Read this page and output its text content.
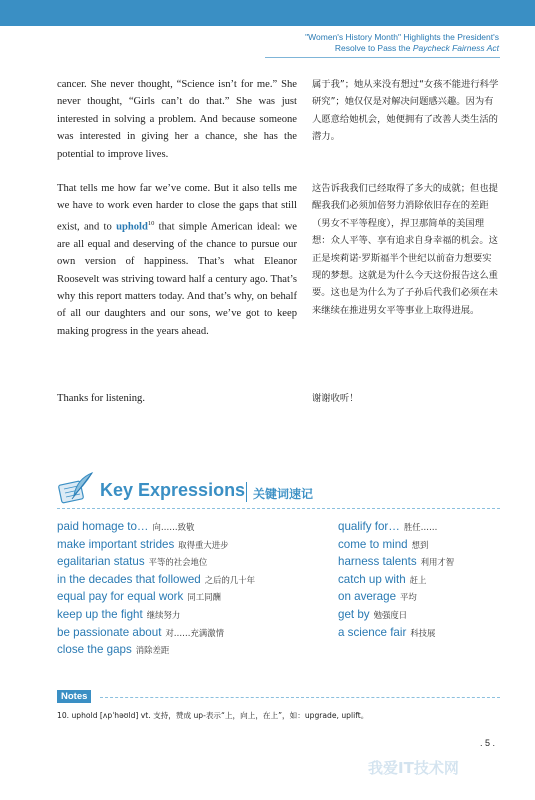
"Women's History Month" Highlights the President's
Resolve to Pass the Paycheck Fairness Act

cancer. She never thought, “Science isn’t for me.” She never thought, “Girls can’t do that.” She was just interested in solving a problem. And because someone was interested in giving her a chance, she has the potential to improve lives.

That tells me how far we’ve come. But it also tells me we have to work even harder to close the gaps that still exist, and to uphold$^{10}$ that simple American ideal: we are all equal and deserving of the chance to pursue our own version of happiness. That’s what Eleanor Roosevelt was striving toward half a century ago. That’s why this report matters today. And that’s why, on behalf of all our daughters and our sons, we’ve got to keep making progress in the years ahead.

Thanks for listening.

属于我”；她从来没有想过“女孩不能进行科学研究”；她仅仅是对解决问题感兴趣。因为有人愿意给她机会，她便拥有了改善人类生活的潜力。

这告诉我我们已经取得了多大的成就；但也提醒我我们必须加倍努力消除依旧存在的差距（男女不平等程度），捍卫那简单的美国理想：众人平等、享有追求自身幸福的机会。这正是埃莉诺·罗斯福半个世纪以前奋力想要实现的梦想。这就是为什么今天这份报告这么重要。这也是为什么为了子孙后代我们必须在未来继续在推进男女平等事业上取得进展。

谢谢收听！

Key Expressions 关键词速记
paid homage to… 向……致敬
make important strides 取得重大进步
egalitarian status 平等的社会地位
in the decades that followed 之后的几十年
equal pay for equal work 同工同酬
keep up the fight 继续努力
be passionate about 对……充满激情
close the gaps 消除差距
qualify for… 胜任……
come to mind 想到
harness talents 利用才智
catch up with 赶上
on average 平均
get by 勉强度日
a science fair 科技展
Notes
10. uphold [ʌpˈhəʊld] vt. 支持，赞成 up-表示“上，向上，在上”，如：upgrade, uplift。
. 5 .
我爱IT技术网
